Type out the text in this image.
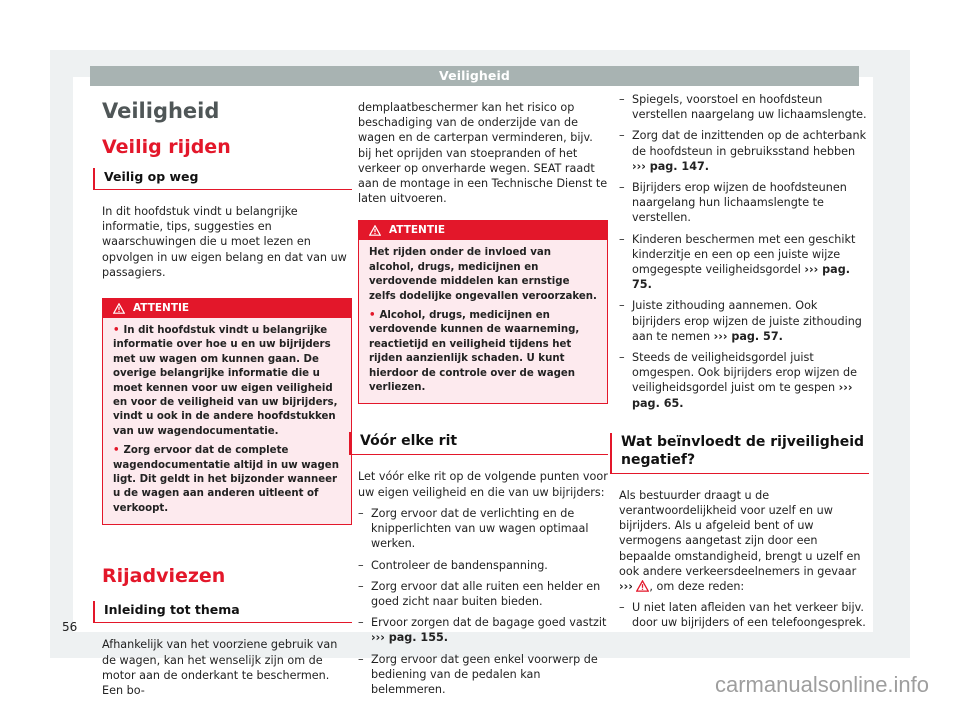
Veiligheid
Veiligheid
Veilig rijden
Veilig op weg

In dit hoofdstuk vindt u belangrijke informatie, tips, suggesties en waarschuwingen die u moet lezen en opvolgen in uw eigen belang en dat van uw passagiers.

ATTENTIE

• In dit hoofdstuk vindt u belangrijke informatie over hoe u en uw bijrijders met uw wagen om kunnen gaan. De overige belangrijke informatie die u moet kennen voor uw eigen veiligheid en voor de veiligheid van uw bijrijders, vindt u ook in de andere hoofdstukken van uw wagendocumentatie.

• Zorg ervoor dat de complete wagendocumentatie altijd in uw wagen ligt. Dit geldt in het bijzonder wanneer u de wagen aan anderen uitleent of verkoopt.

Rijadviezen
Inleiding tot thema

Afhankelijk van het voorziene gebruik van de wagen, kan het wenselijk zijn om de motor aan de onderkant te beschermen. Een bo-

demplaatbeschermer kan het risico op beschadiging van de onderzijde van de wagen en de carterpan verminderen, bijv. bij het oprijden van stoepranden of het verkeer op onverharde wegen. SEAT raadt aan de montage in een Technische Dienst te laten uitvoeren.

ATTENTIE

Het rijden onder de invloed van alcohol, drugs, medicijnen en verdovende middelen kan ernstige zelfs dodelijke ongevallen veroorzaken.

• Alcohol, drugs, medicijnen en verdovende kunnen de waarneming, reactietijd en veiligheid tijdens het rijden aanzienlijk schaden. U kunt hierdoor de controle over de wagen verliezen.

Vóór elke rit

Let vóór elke rit op de volgende punten voor uw eigen veiligheid en die van uw bijrijders:

– Zorg ervoor dat de verlichting en de knipperlichten van uw wagen optimaal werken.
– Controleer de bandenspanning.
– Zorg ervoor dat alle ruiten een helder en goed zicht naar buiten bieden.
– Ervoor zorgen dat de bagage goed vastzit ››› pag. 155.
– Zorg ervoor dat geen enkel voorwerp de bediening van de pedalen kan belemmeren.
– Spiegels, voorstoel en hoofdsteun verstellen naargelang uw lichaamslengte.
– Zorg dat de inzittenden op de achterbank de hoofdsteun in gebruiksstand hebben ››› pag. 147.
– Bijrijders erop wijzen de hoofdsteunen naargelang hun lichaamslengte te verstellen.
– Kinderen beschermen met een geschikt kinderzitje en een op een juiste wijze omgegespte veiligheidsgordel ››› pag. 75.
– Juiste zithouding aannemen. Ook bijrijders erop wijzen de juiste zithouding aan te nemen ››› pag. 57.
– Steeds de veiligheidsgordel juist omgespen. Ook bijrijders erop wijzen de veiligheidsgordel juist om te gespen ››› pag. 65.
Wat beïnvloedt de rijveiligheid negatief?

Als bestuurder draagt u de verantwoordelijkheid voor uzelf en uw bijrijders. Als u afgeleid bent of uw vermogens aangetast zijn door een bepaalde omstandigheid, brengt u uzelf en ook andere verkeersdeelnemers in gevaar ››› , om deze reden:

– U niet laten afleiden van het verkeer bijv. door uw bijrijders of een telefoongesprek.
56
carmanualsonline.info
